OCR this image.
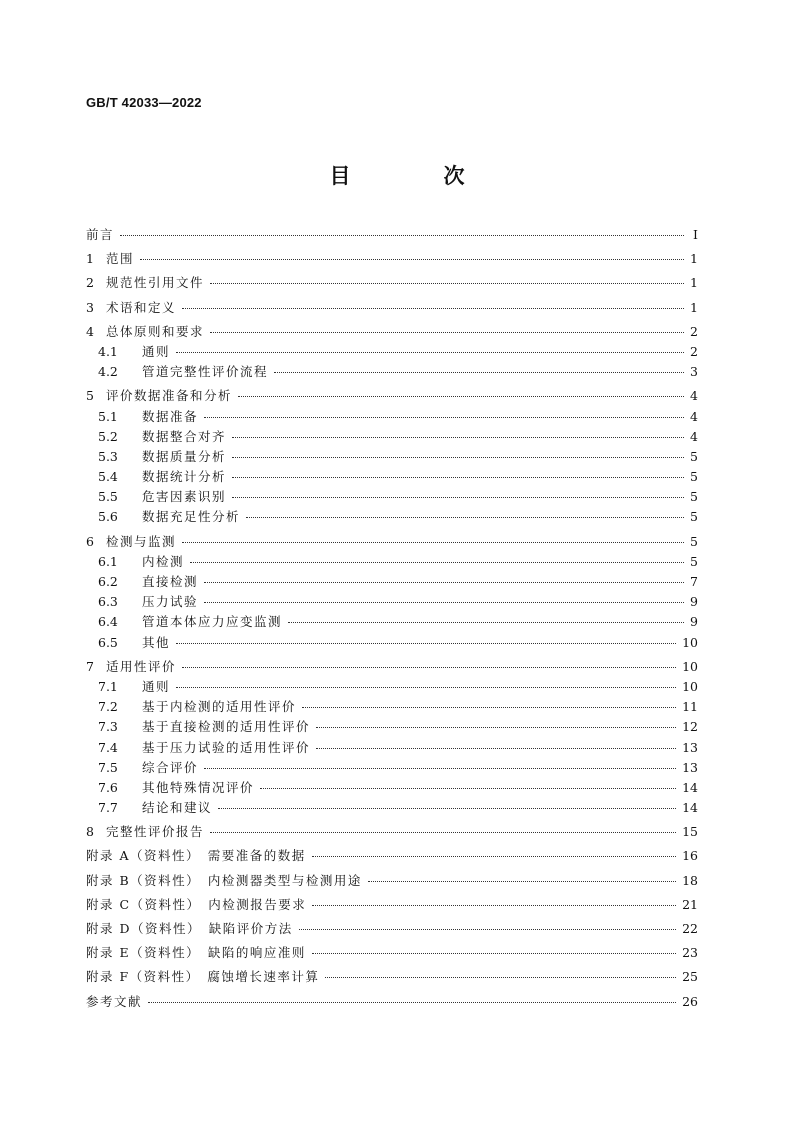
GB/T 42033—2022
目　次
前言	I
1 范围	1
2 规范性引用文件	1
3 术语和定义	1
4 总体原则和要求	2
4.1	通则	2
4.2	管道完整性评价流程	3
5 评价数据准备和分析	4
5.1	数据准备	4
5.2	数据整合对齐	4
5.3	数据质量分析	5
5.4	数据统计分析	5
5.5	危害因素识别	5
5.6	数据充足性分析	5
6 检测与监测	5
6.1	内检测	5
6.2	直接检测	7
6.3	压力试验	9
6.4	管道本体应力应变监测	9
6.5	其他	10
7 适用性评价	10
7.1	通则	10
7.2	基于内检测的适用性评价	11
7.3	基于直接检测的适用性评价	12
7.4	基于压力试验的适用性评价	13
7.5	综合评价	13
7.6	其他特殊情况评价	14
7.7	结论和建议	14
8 完整性评价报告	15
附录 A（资料性）　需要准备的数据	16
附录 B（资料性）　内检测器类型与检测用途	18
附录 C（资料性）　内检测报告要求	21
附录 D（资料性）　缺陷评价方法	22
附录 E（资料性）　缺陷的响应准则	23
附录 F（资料性）　腐蚀增长速率计算	25
参考文献	26
